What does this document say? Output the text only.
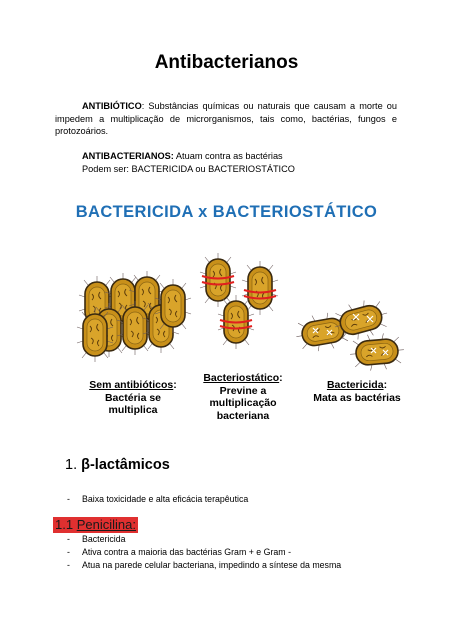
Antibacterianos
ANTIBIÓTICO: Substâncias químicas ou naturais que causam a morte ou impedem a multiplicação de microrganismos, tais como, bactérias, fungos e protozoários.
ANTIBACTERIANOS: Atuam contra as bactérias
Podem ser: BACTERICIDA ou BACTERIOSTÁTICO
BACTERICIDA x BACTERIOSTÁTICO
Sem antibióticos:
Bactéria se multiplica
Bacteriostático:
Previne a multiplicação bacteriana
Bactericida:
Mata as bactérias
1. β-lactâmicos
- Baixa toxicidade e alta eficácia terapêutica
1.1 Penicilina:
- Bactericida
- Ativa contra a maioria das bactérias Gram + e Gram -
- Atua na parede celular bacteriana, impedindo a síntese da mesma
